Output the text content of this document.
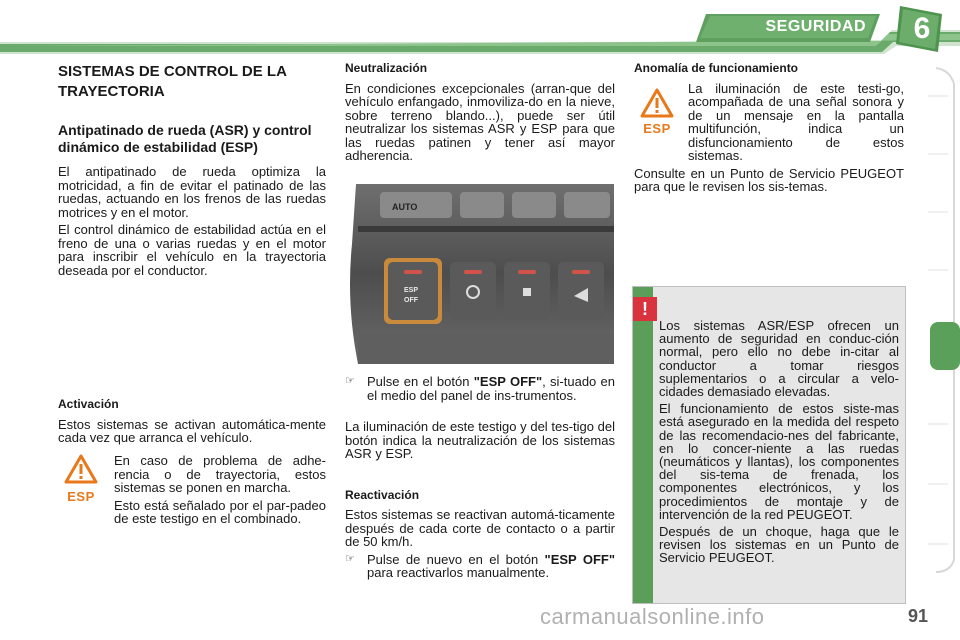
SEGURIDAD	6
SISTEMAS DE CONTROL DE LA TRAYECTORIA
Antipatinado de rueda (ASR) y control dinámico de estabilidad (ESP)

El antipatinado de rueda optimiza la motricidad, a fin de evitar el patinado de las ruedas, actuando en los frenos de las ruedas motrices y en el motor.

El control dinámico de estabilidad actúa en el freno de una o varias ruedas y en el motor para inscribir el vehículo en la trayectoria deseada por el conductor.

Activación

Estos sistemas se activan automática-mente cada vez que arranca el vehículo.

ESP

En caso de problema de adhe-rencia o de trayectoria, estos sistemas se ponen en marcha.

Esto está señalado por el par-padeo de este testigo en el combinado.

Neutralización

En condiciones excepcionales (arran-que del vehículo enfangado, inmoviliza-do en la nieve, sobre terreno blando...), puede ser útil neutralizar los sistemas ASR y ESP para que las ruedas patinen y tener así mayor adherencia.

AUTO
ESP
OFF
☞ Pulse en el botón "ESP OFF", si-tuado en el medio del panel de ins-trumentos.

La iluminación de este testigo y del tes-tigo del botón indica la neutralización de los sistemas ASR y ESP.

Reactivación

Estos sistemas se reactivan automá-ticamente después de cada corte de contacto o a partir de 50 km/h.

☞ Pulse de nuevo en el botón "ESP OFF" para reactivarlos manualmente.

Anomalía de funcionamiento
ESP

La iluminación de este testi-go, acompañada de una señal sonora y de un mensaje en la pantalla multifunción, indica un disfuncionamiento de estos sistemas.

Consulte en un Punto de Servicio PEUGEOT para que le revisen los sis-temas.

!

Los sistemas ASR/ESP ofrecen un aumento de seguridad en conduc-ción normal, pero ello no debe in-citar al conductor a tomar riesgos suplementarios o a circular a velo-cidades demasiado elevadas.

El funcionamiento de estos siste-mas está asegurado en la medida del respeto de las recomendacio-nes del fabricante, en lo concer-niente a las ruedas (neumáticos y llantas), los componentes del sis-tema de frenada, los componentes electrónicos, y los procedimientos de montaje y de intervención de la red PEUGEOT.

Después de un choque, haga que le revisen los sistemas en un Punto de Servicio PEUGEOT.

carmanualsonline.info	91
